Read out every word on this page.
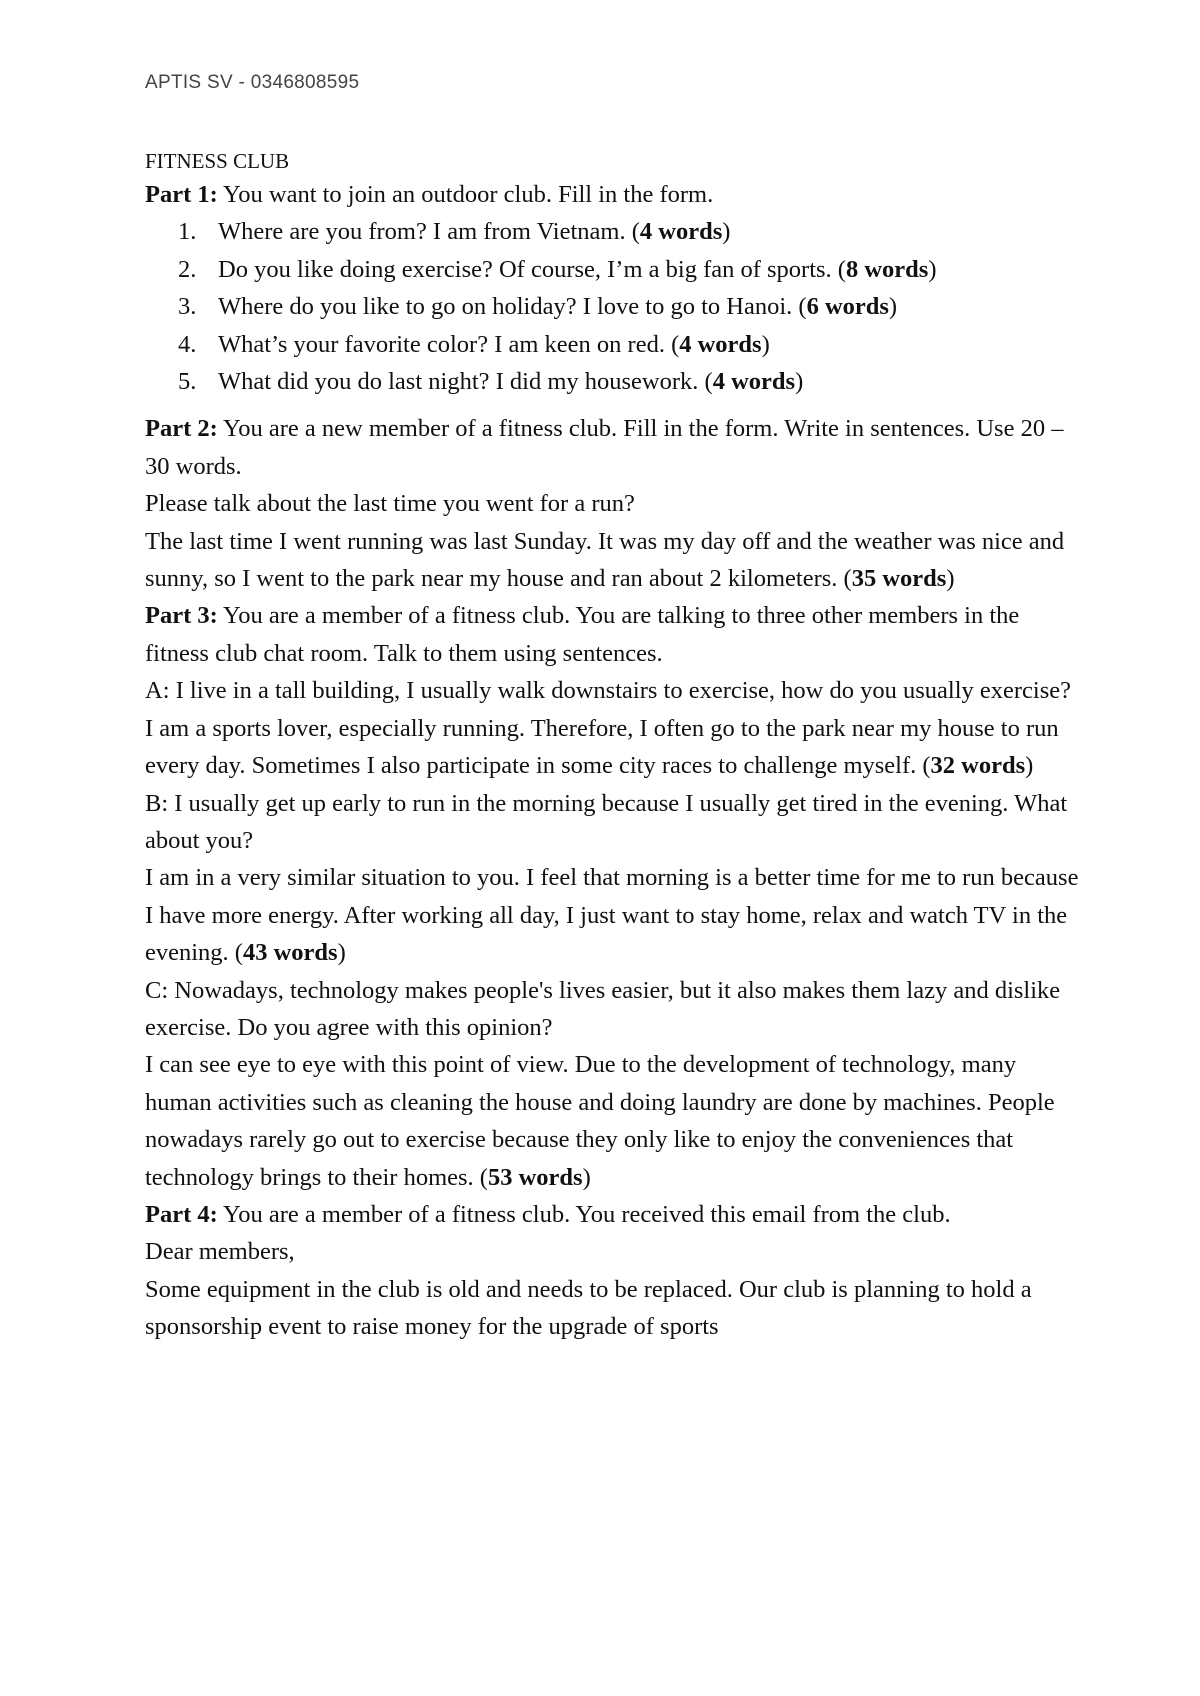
APTIS SV - 0346808595

FITNESS CLUB

Part 1: You want to join an outdoor club. Fill in the form.

1. Where are you from? I am from Vietnam. (4 words)
2. Do you like doing exercise? Of course, I’m a big fan of sports. (8 words)
3. Where do you like to go on holiday? I love to go to Hanoi. (6 words)
4. What’s your favorite color? I am keen on red. (4 words)
5. What did you do last night? I did my housework. (4 words)

Part 2: You are a new member of a fitness club. Fill in the form. Write in sentences. Use 20 – 30 words.

Please talk about the last time you went for a run?

The last time I went running was last Sunday. It was my day off and the weather was nice and sunny, so I went to the park near my house and ran about 2 kilometers. (35 words)

Part 3: You are a member of a fitness club. You are talking to three other members in the fitness club chat room. Talk to them using sentences.

A: I live in a tall building, I usually walk downstairs to exercise, how do you usually exercise?

I am a sports lover, especially running. Therefore, I often go to the park near my house to run every day. Sometimes I also participate in some city races to challenge myself. (32 words)

B: I usually get up early to run in the morning because I usually get tired in the evening. What about you?

I am in a very similar situation to you. I feel that morning is a better time for me to run because I have more energy. After working all day, I just want to stay home, relax and watch TV in the evening. (43 words)

C: Nowadays, technology makes people's lives easier, but it also makes them lazy and dislike exercise. Do you agree with this opinion?

I can see eye to eye with this point of view. Due to the development of technology, many human activities such as cleaning the house and doing laundry are done by machines. People nowadays rarely go out to exercise because they only like to enjoy the conveniences that technology brings to their homes. (53 words)

Part 4: You are a member of a fitness club. You received this email from the club.

Dear members,

Some equipment in the club is old and needs to be replaced. Our club is planning to hold a sponsorship event to raise money for the upgrade of sports
